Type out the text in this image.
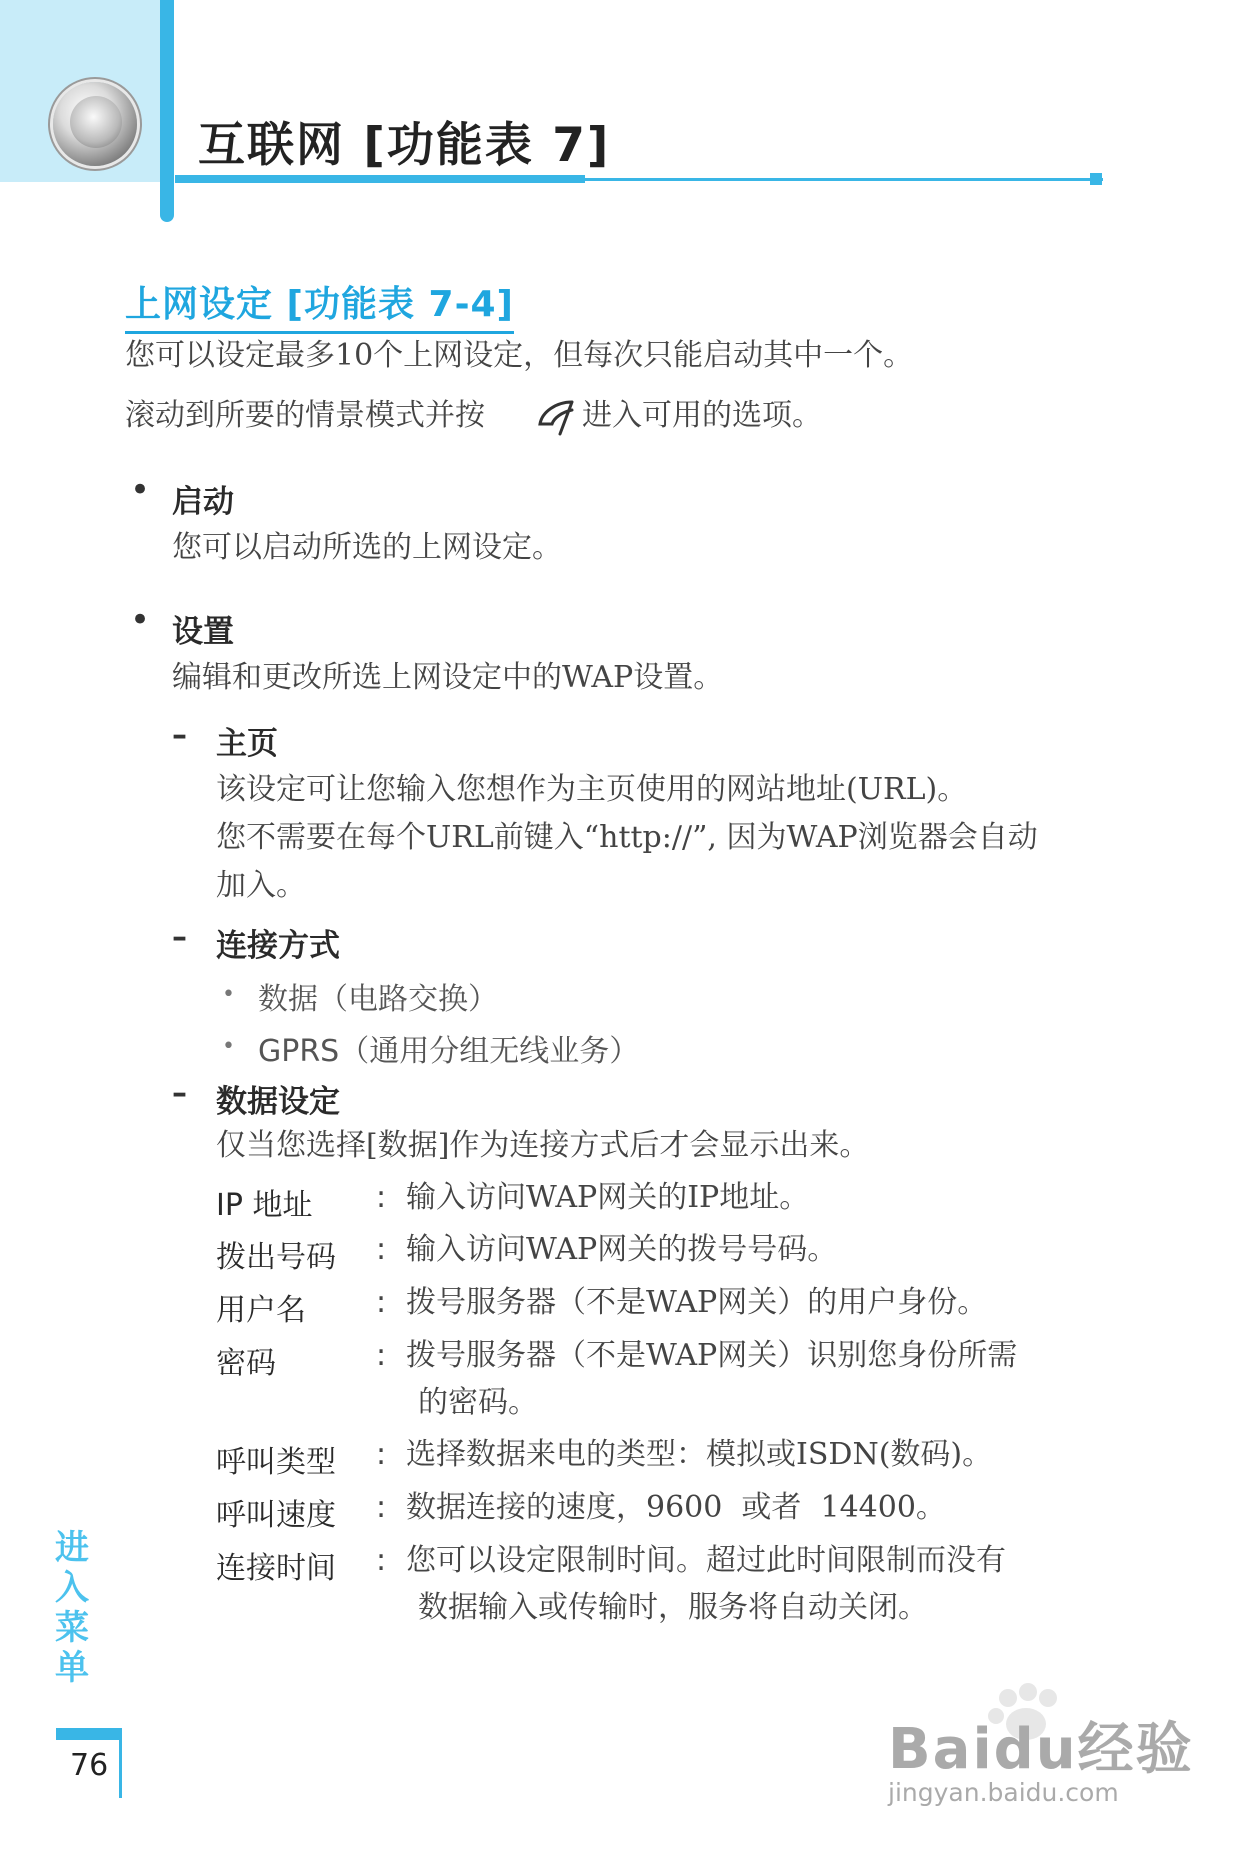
互联网 [功能表 7]
上网设定 [功能表 7-4]
您可以设定最多10个上网设定，但每次只能启动其中一个。
滚动到所要的情景模式并按	进入可用的选项。
• 启动
您可以启动所选的上网设定。
• 设置
编辑和更改所选上网设定中的WAP设置。
– 主页
该设定可让您输入您想作为主页使用的网站地址(URL)。
您不需要在每个URL前键入“http://”, 因为WAP浏览器会自动
加入。
– 连接方式
• 数据（电路交换）
• GPRS（通用分组无线业务）
– 数据设定
仅当您选择[数据]作为连接方式后才会显示出来。
IP 地址 : 输入访问WAP网关的IP地址。
拨出号码 : 输入访问WAP网关的拨号号码。
用户名 : 拨号服务器（不是WAP网关）的用户身份。
密码	: 拨号服务器（不是WAP网关）识别您身份所需
的密码。
呼叫类型 : 选择数据来电的类型：模拟或ISDN(数码)。
呼叫速度 : 数据连接的速度，9600  或者  14400。
连接时间 : 您可以设定限制时间。超过此时间限制而没有
数据输入或传输时，服务将自动关闭。
进入菜单
76	Baidu经验
jingyan.baidu.com
